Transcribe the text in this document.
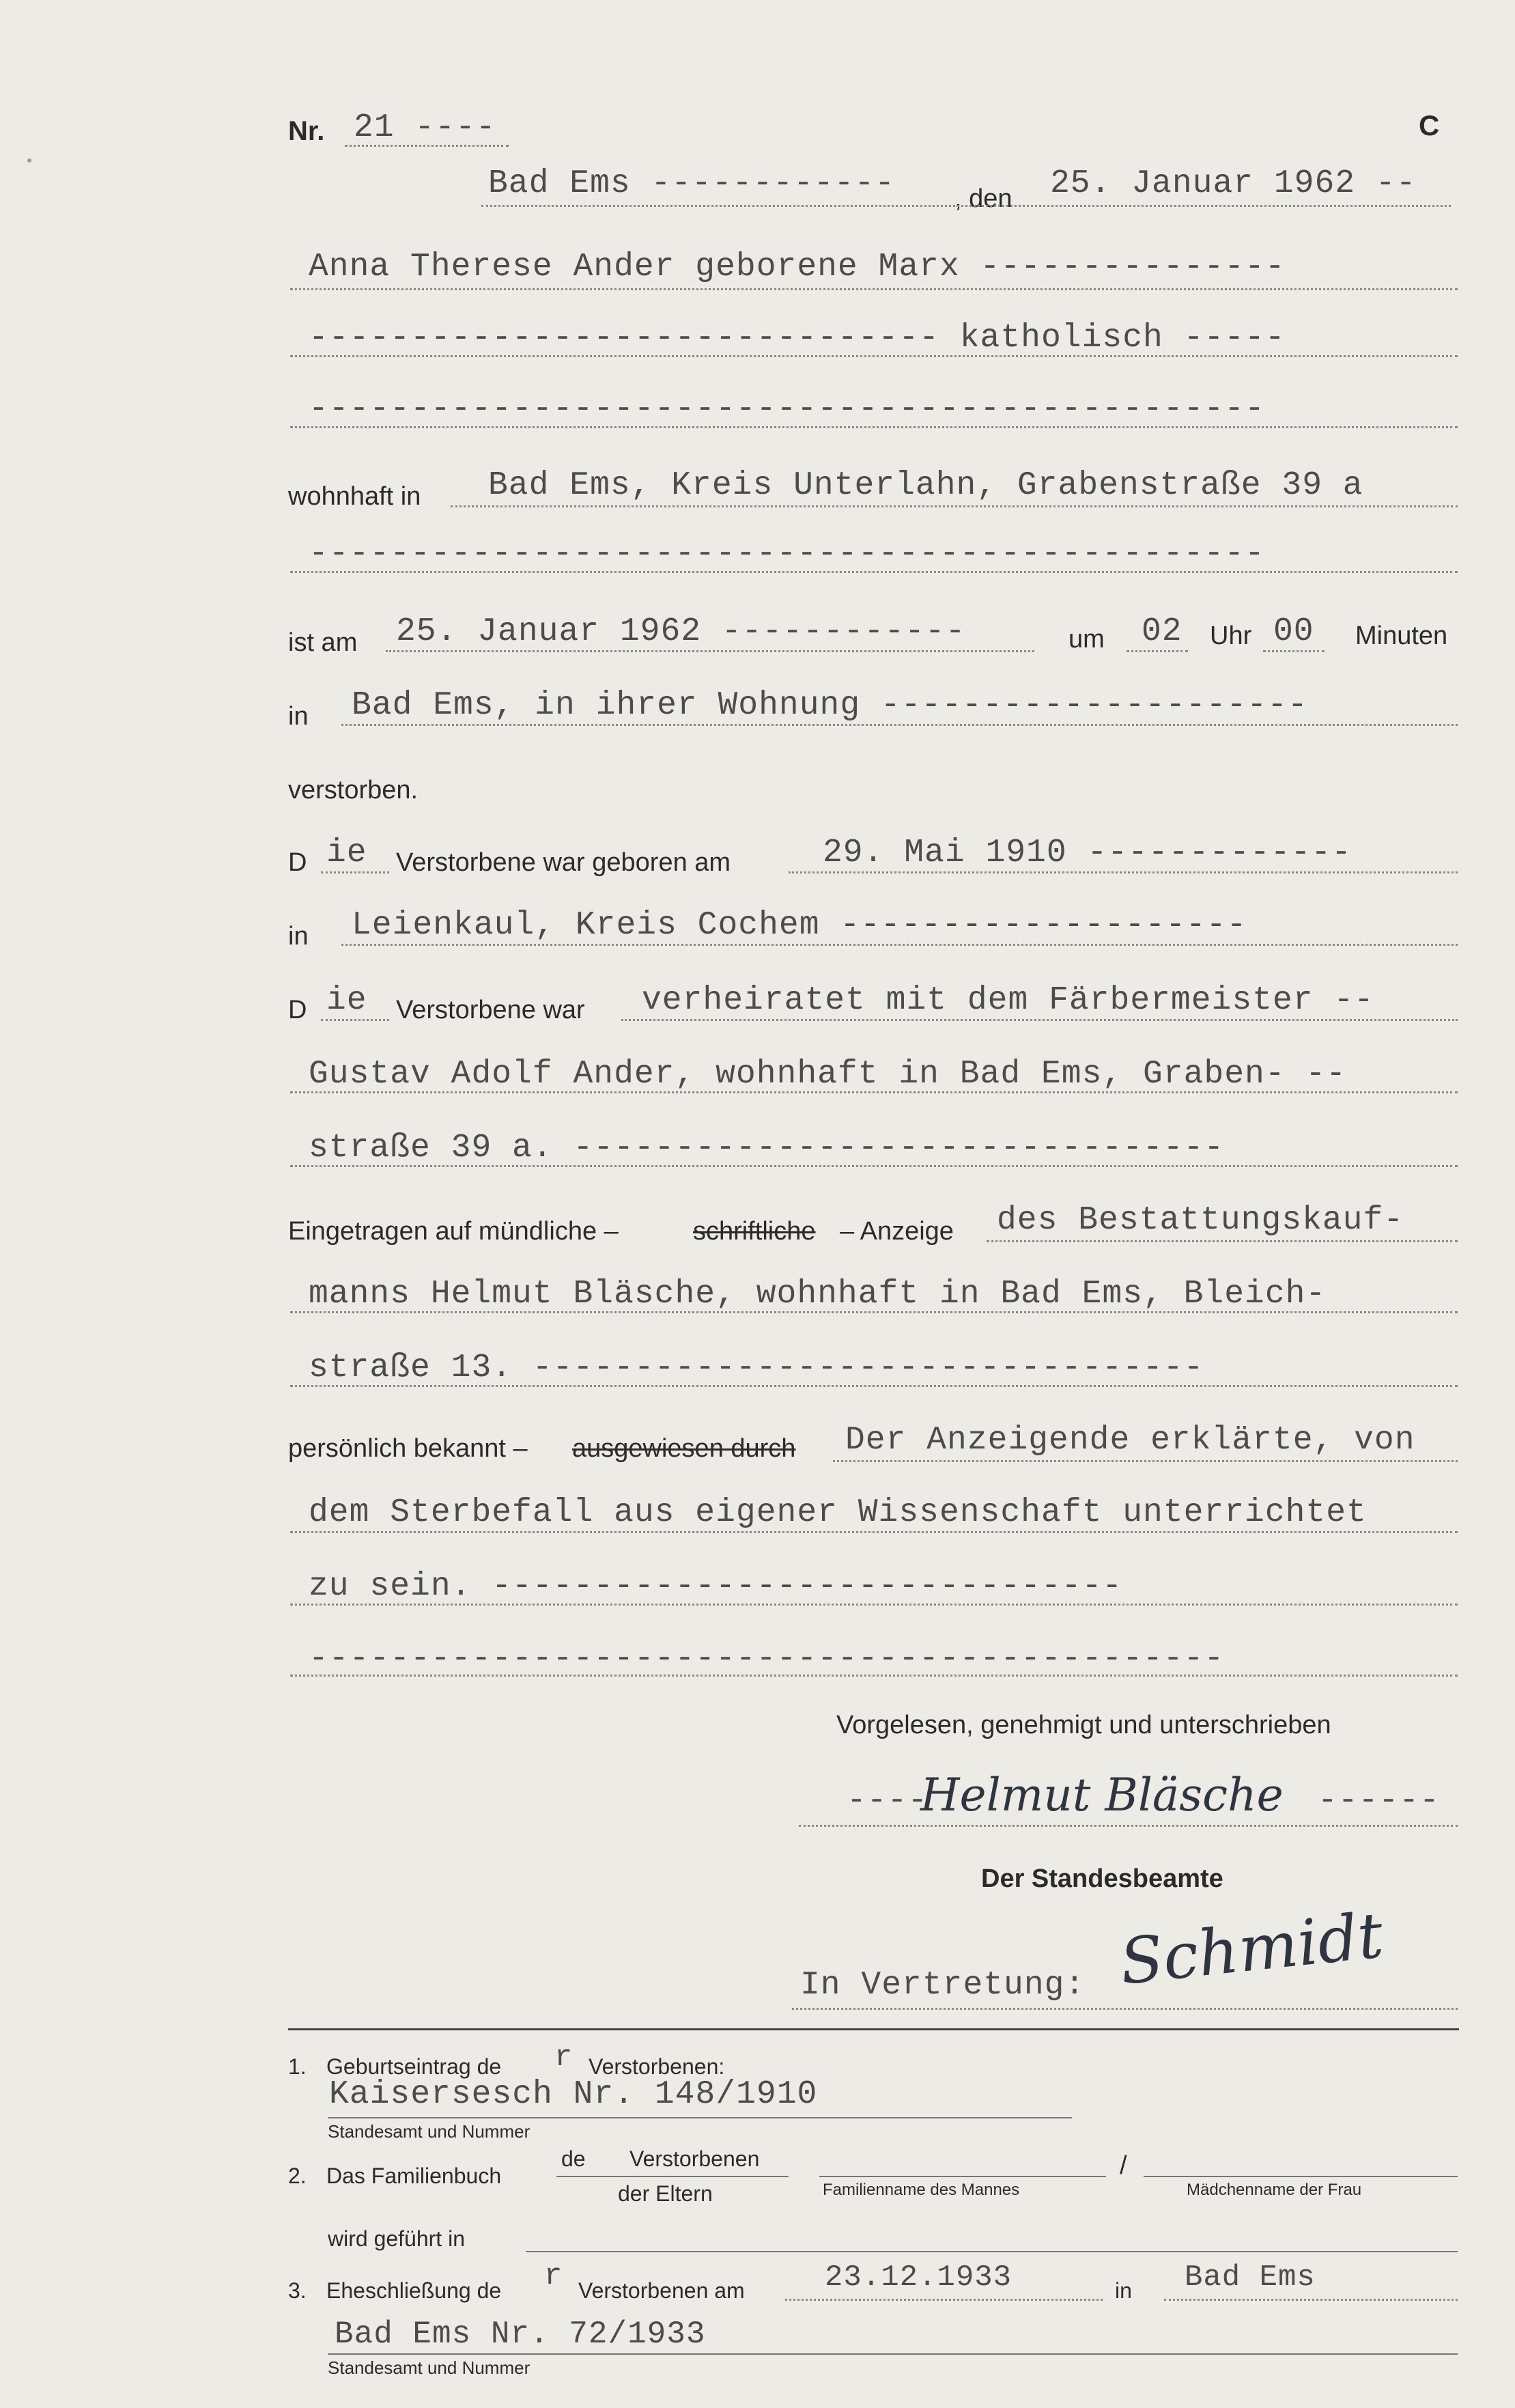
Nr. 21 ----	C
Bad Ems ------------ , den 25. Januar 1962 --
Anna Therese Ander geborene Marx ---------------
------------------------------- katholisch -----
-----------------------------------------------
wohnhaft in Bad Ems, Kreis Unterlahn, Grabenstraße 39 a
-----------------------------------------------
ist am 25. Januar 1962 ------------	um 02 Uhr 00 Minuten
in Bad Ems, in ihrer Wohnung ---------------------
verstorben.
D ie Verstorbene war geboren am	29. Mai 1910 -------------
in Leienkaul, Kreis Cochem --------------------
D ie Verstorbene war verheiratet mit dem Färbermeister --
Gustav Adolf Ander, wohnhaft in Bad Ems, Graben- --
straße 39 a. --------------------------------
Eingetragen auf mündliche –	schriftliche – Anzeige des Bestattungskauf-
manns Helmut Bläsche, wohnhaft in Bad Ems, Bleich-
straße 13. ---------------------------------
persönlich bekannt – ausgewiesen durch Der Anzeigende erklärte, von
dem Sterbefall aus eigener Wissenschaft unterrichtet
zu sein. -------------------------------
---------------------------------------------
Vorgelesen, genehmigt und unterschrieben
----
Helmut Bläsche ------
Der Standesbeamte
In Vertretung: Schmidt
1. Geburtseintrag de r Verstorbenen:
Kaisersesch Nr. 148/1910
Standesamt und Nummer
2. Das Familienbuch
de Verstorbenen
der Eltern
/
Familienname des Mannes	Mädchenname der Frau
wird geführt in
3. Eheschließung de r Verstorbenen am	23.12.1933	in Bad Ems
Bad Ems Nr. 72/1933
Standesamt und Nummer
